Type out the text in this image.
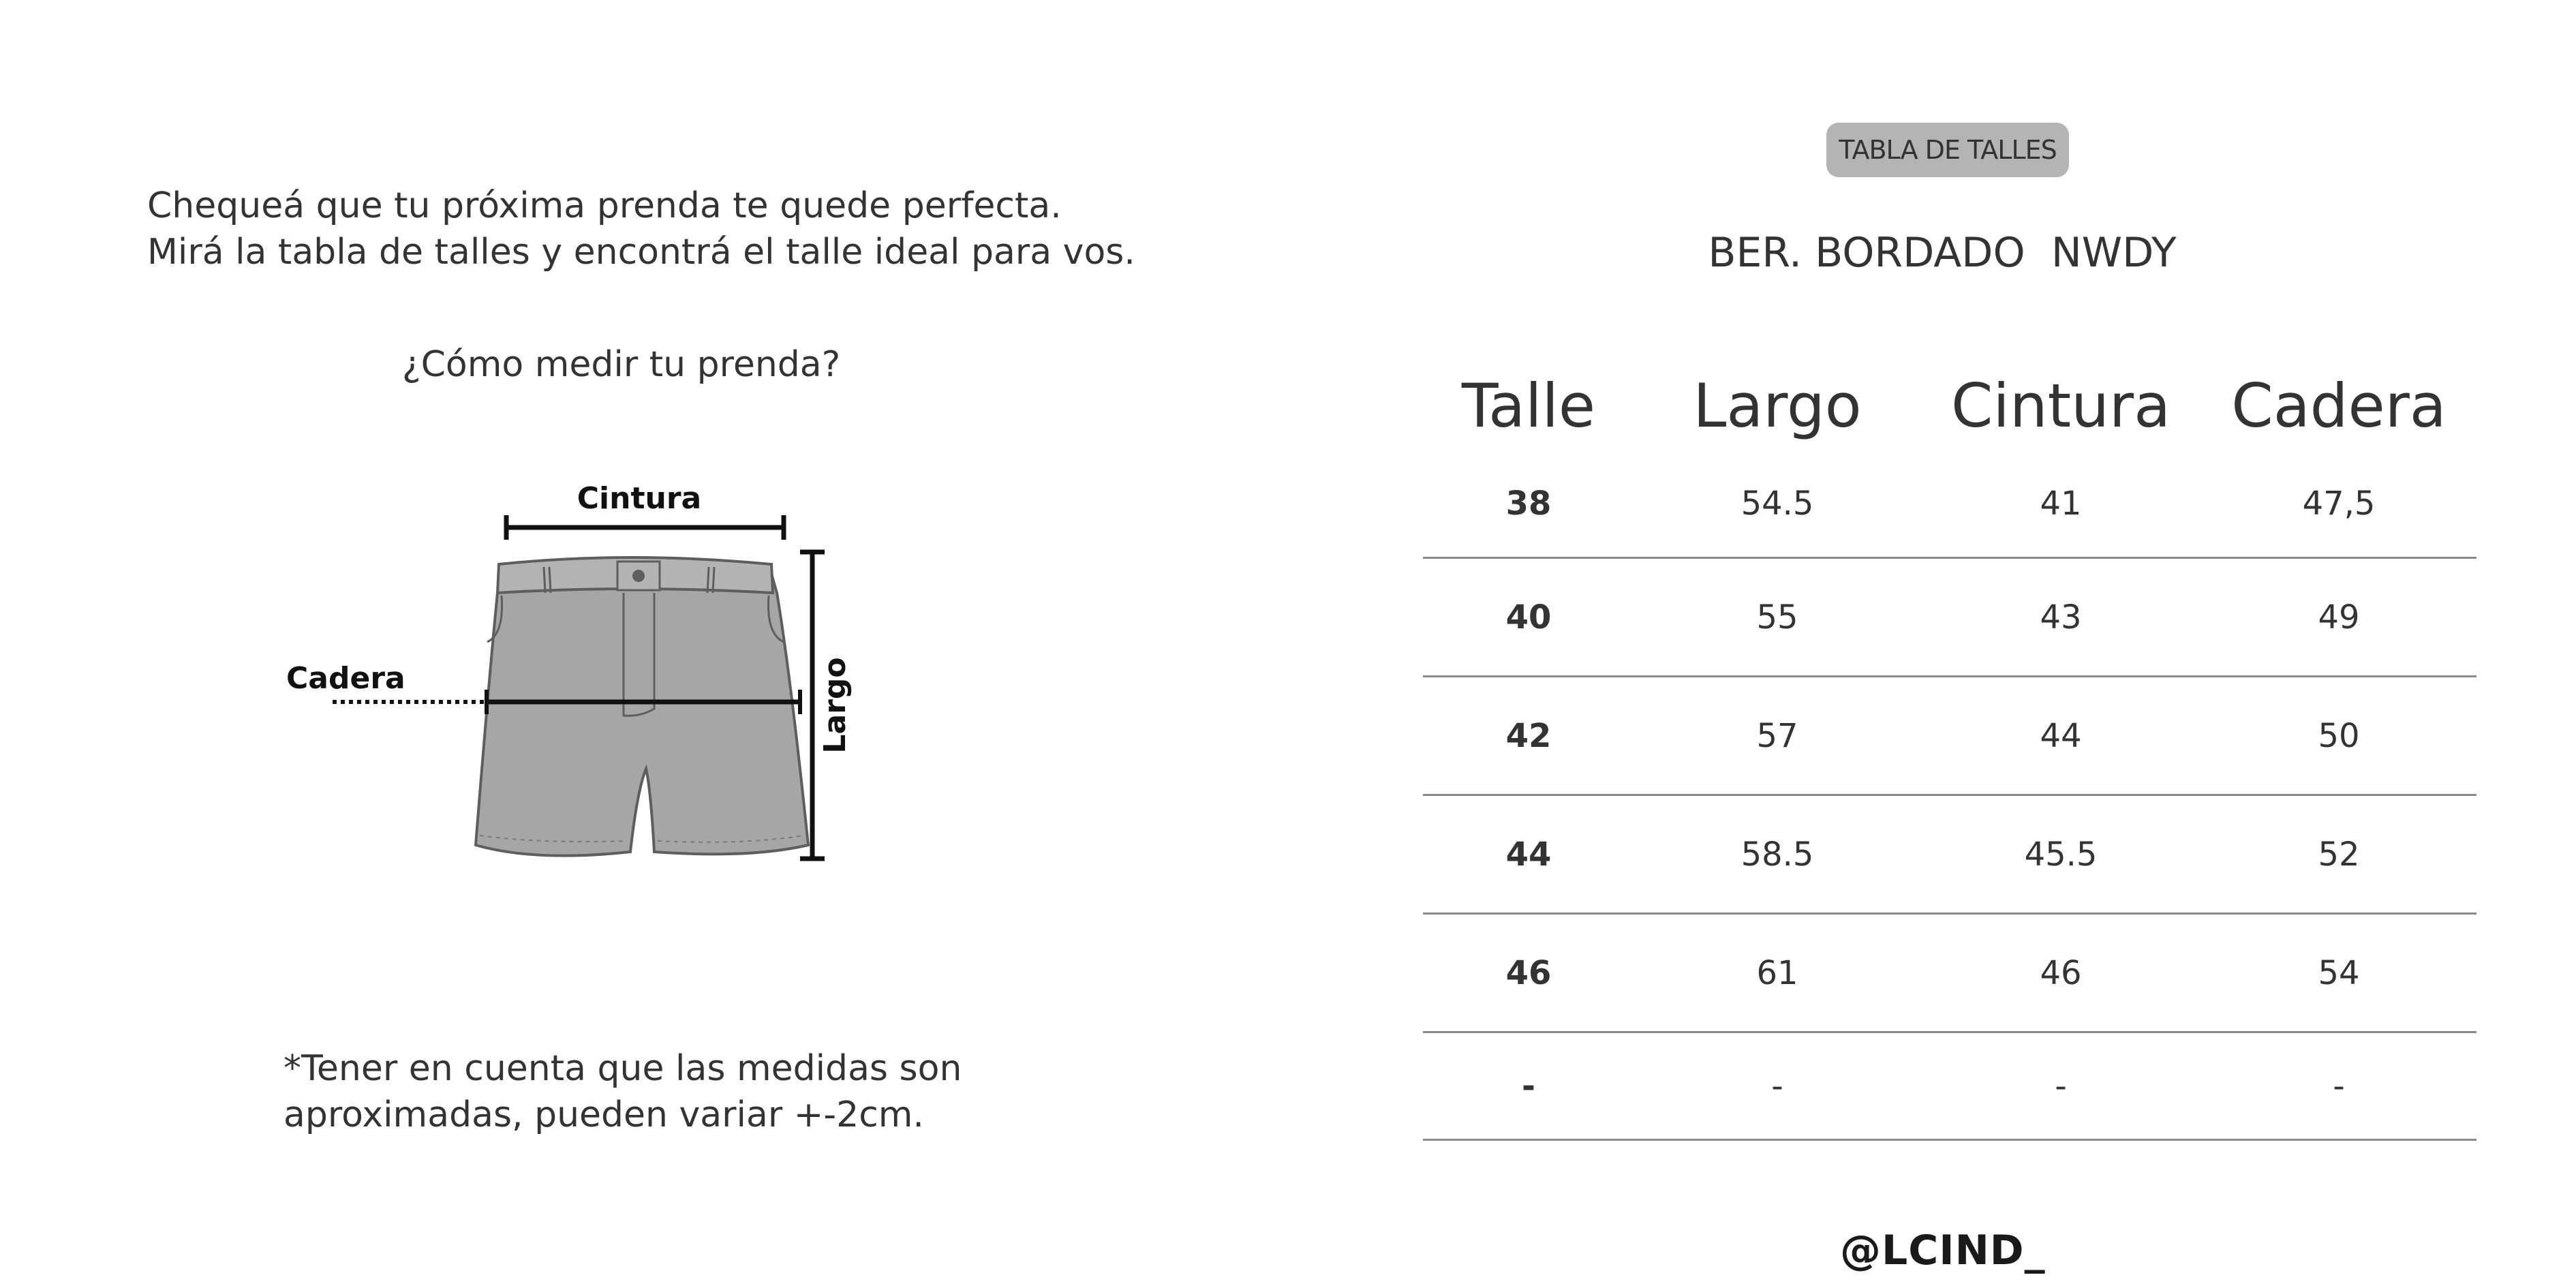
Chequeá que tu próxima prenda te quede perfecta.
Mirá la tabla de talles y encontrá el talle ideal para vos.
¿Cómo medir tu prenda?
Cintura
Cadera	Largo
*Tener en cuenta que las medidas son
aproximadas, pueden variar +-2cm.
TABLA DE TALLES
BER. BORDADO  NWDY
Talle	Largo	Cintura	Cadera
38	54.5	41	47,5
40	55	43	49
42	57	44	50
44	58.5	45.5	52
46	61	46	54
-	-	-	-
@LCIND_
